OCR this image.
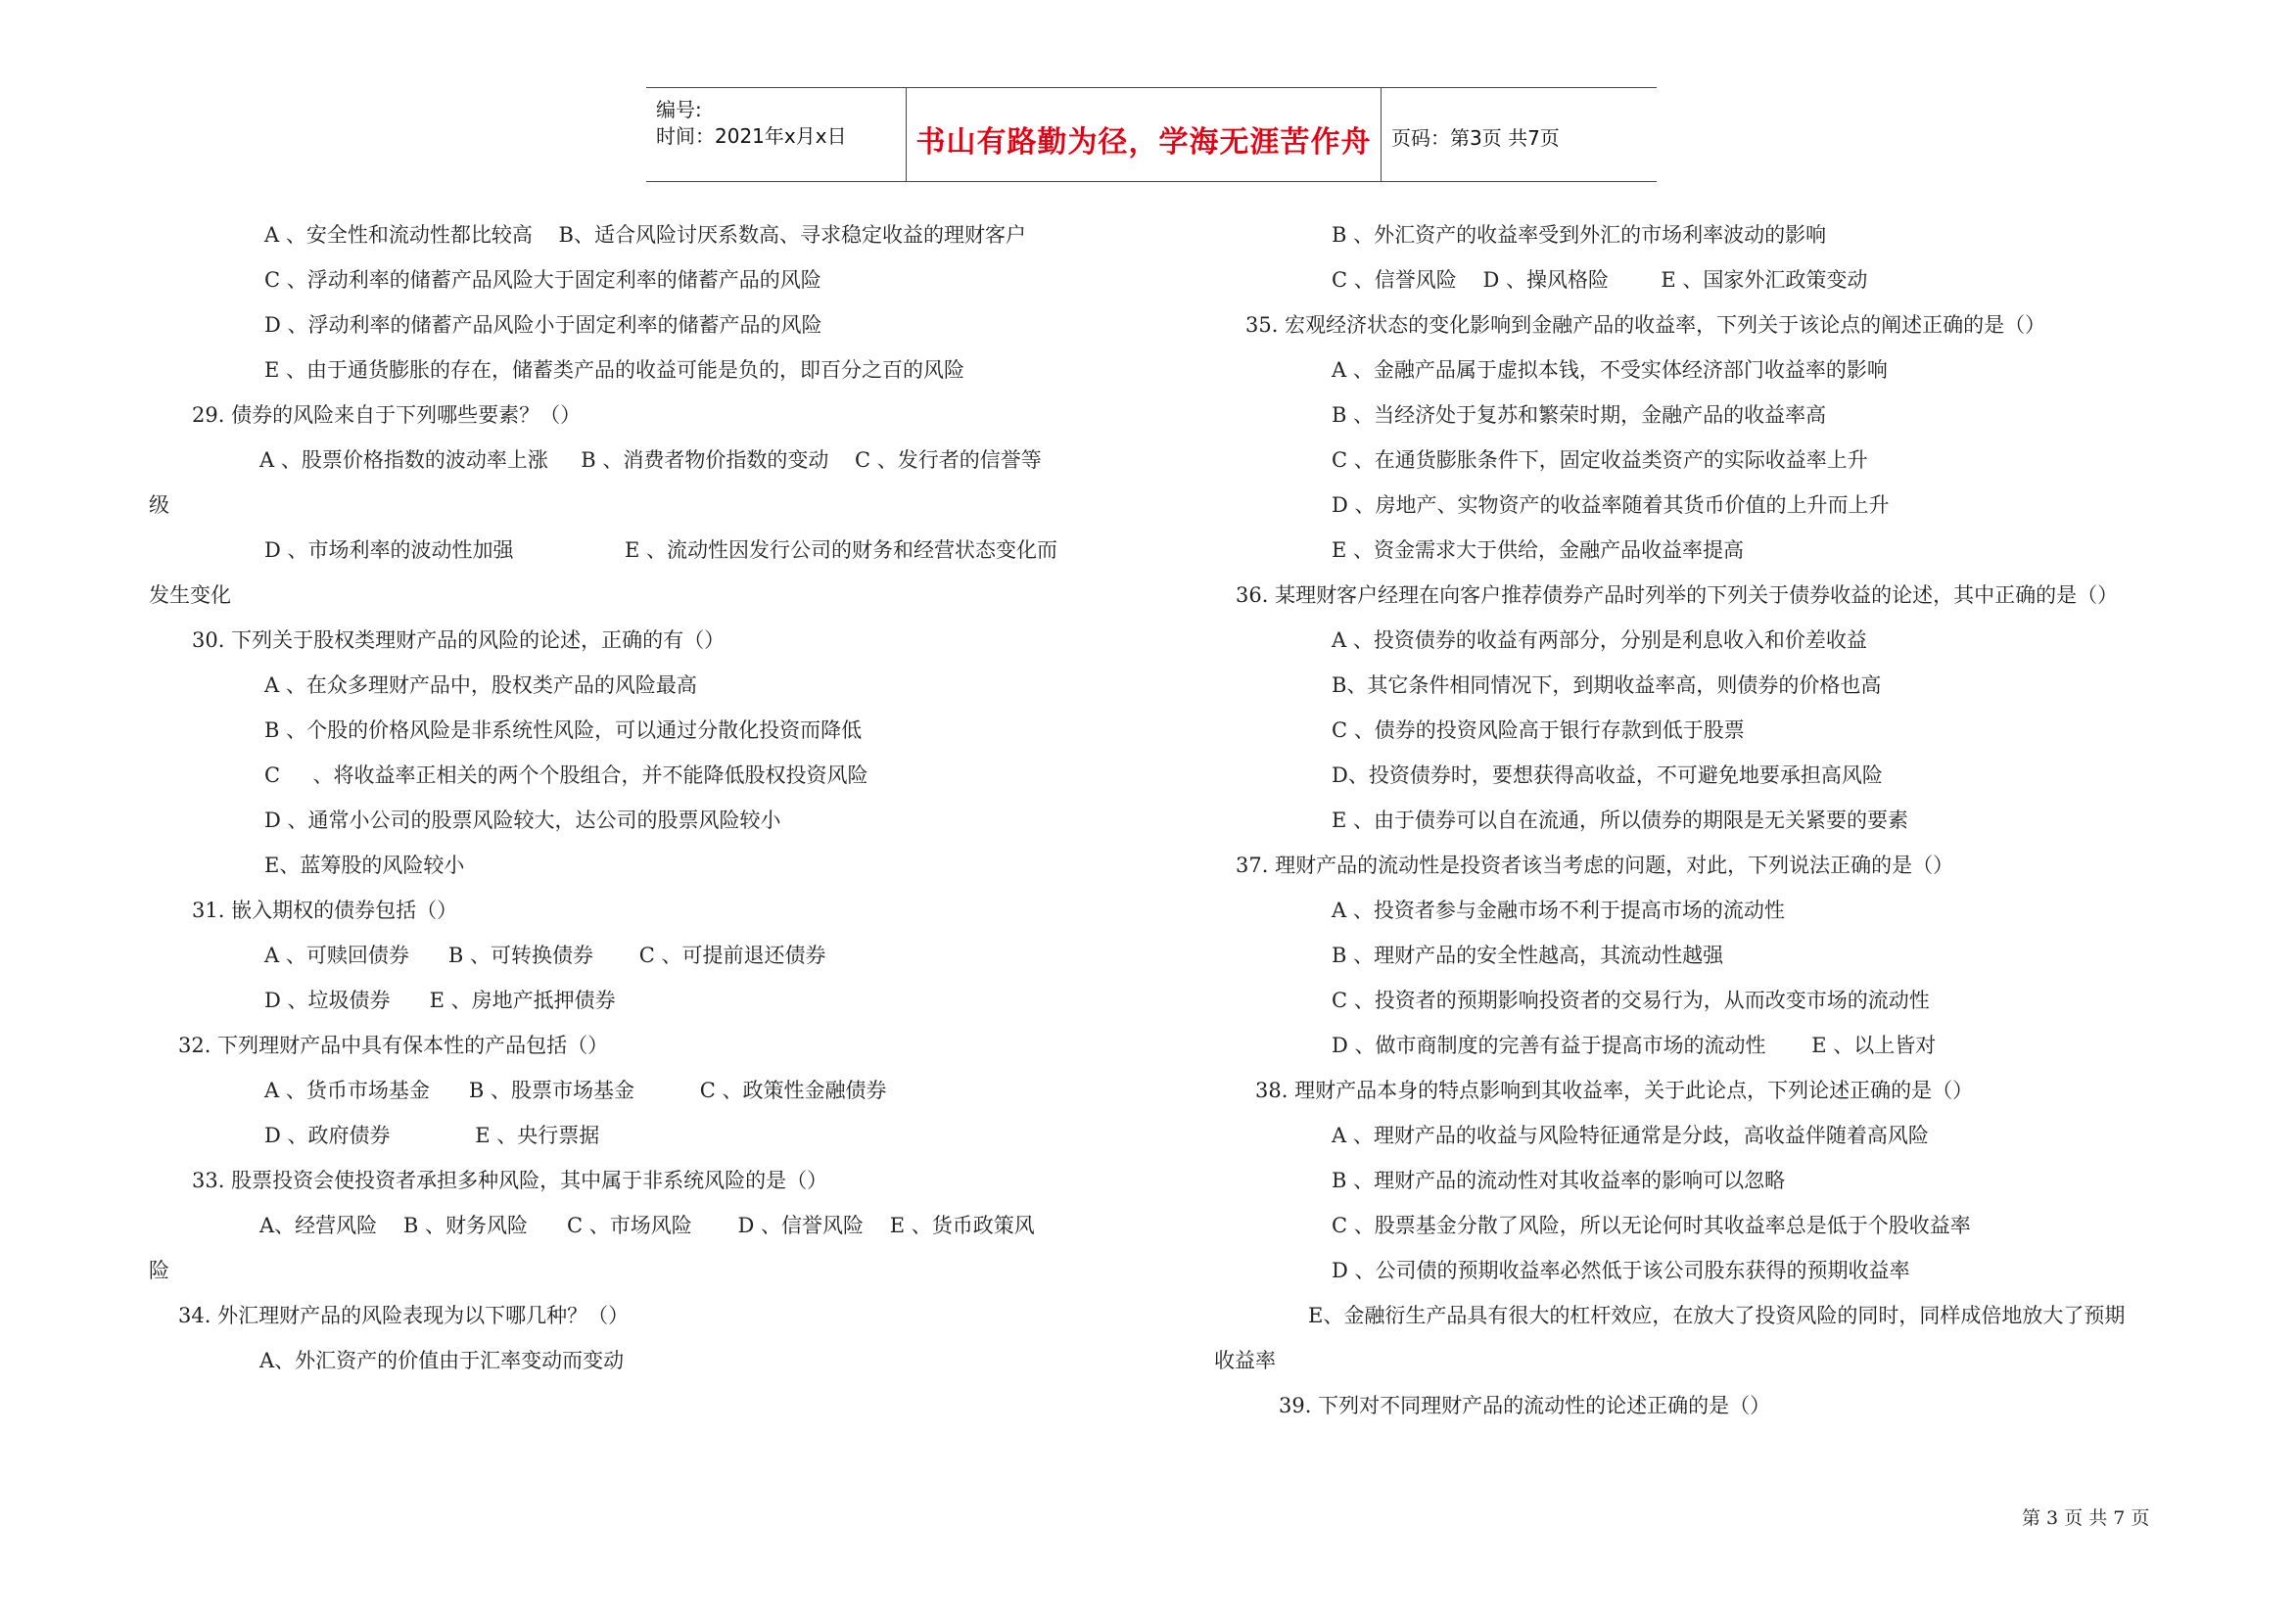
编号:
时间：2021年x月x日	书山有路勤为径，学海无涯苦作舟	页码：第3页 共7页
A 、安全性和流动性都比较高    B、适合风险讨厌系数高、寻求稳定收益的理财客户
C 、浮动利率的储蓄产品风险大于固定利率的储蓄产品的风险
D 、浮动利率的储蓄产品风险小于固定利率的储蓄产品的风险
E 、由于通货膨胀的存在，储蓄类产品的收益可能是负的，即百分之百的风险
29. 债券的风险来自于下列哪些要素？（）
A 、股票价格指数的波动率上涨     B 、消费者物价指数的变动    C 、发行者的信誉等
级
D 、市场利率的波动性加强                 E 、流动性因发行公司的财务和经营状态变化而
发生变化
30. 下列关于股权类理财产品的风险的论述，正确的有（）
A 、在众多理财产品中，股权类产品的风险最高
B 、个股的价格风险是非系统性风险，可以通过分散化投资而降低
C     、将收益率正相关的两个个股组合，并不能降低股权投资风险
D 、通常小公司的股票风险较大，达公司的股票风险较小
E、蓝筹股的风险较小
31. 嵌入期权的债券包括（）
A 、可赎回债券      B 、可转换债券       C 、可提前退还债券
D 、垃圾债券      E 、房地产抵押债券
32. 下列理财产品中具有保本性的产品包括（）
A 、货币市场基金      B 、股票市场基金          C 、政策性金融债券
D 、政府债券             E 、央行票据
33. 股票投资会使投资者承担多种风险，其中属于非系统风险的是（）
A、经营风险    B 、财务风险      C 、市场风险       D 、信誉风险    E 、货币政策风
险
34. 外汇理财产品的风险表现为以下哪几种？（）
A、外汇资产的价值由于汇率变动而变动
B 、外汇资产的收益率受到外汇的市场利率波动的影响
C 、信誉风险    D 、操风格险        E 、国家外汇政策变动
35. 宏观经济状态的变化影响到金融产品的收益率，下列关于该论点的阐述正确的是（）
A 、金融产品属于虚拟本钱，不受实体经济部门收益率的影响
B 、当经济处于复苏和繁荣时期，金融产品的收益率高
C 、在通货膨胀条件下，固定收益类资产的实际收益率上升
D 、房地产、实物资产的收益率随着其货币价值的上升而上升
E 、资金需求大于供给，金融产品收益率提高
36. 某理财客户经理在向客户推荐债券产品时列举的下列关于债券收益的论述，其中正确的是（）
A 、投资债券的收益有两部分，分别是利息收入和价差收益
B、其它条件相同情况下，到期收益率高，则债券的价格也高
C 、债券的投资风险高于银行存款到低于股票
D、投资债券时，要想获得高收益，不可避免地要承担高风险
E 、由于债券可以自在流通，所以债券的期限是无关紧要的要素
37. 理财产品的流动性是投资者该当考虑的问题，对此，下列说法正确的是（）
A 、投资者参与金融市场不利于提高市场的流动性
B 、理财产品的安全性越高，其流动性越强
C 、投资者的预期影响投资者的交易行为，从而改变市场的流动性
D 、做市商制度的完善有益于提高市场的流动性       E 、以上皆对
38. 理财产品本身的特点影响到其收益率，关于此论点，下列论述正确的是（）
A 、理财产品的收益与风险特征通常是分歧，高收益伴随着高风险
B 、理财产品的流动性对其收益率的影响可以忽略
C 、股票基金分散了风险，所以无论何时其收益率总是低于个股收益率
D 、公司债的预期收益率必然低于该公司股东获得的预期收益率
E、金融衍生产品具有很大的杠杆效应，在放大了投资风险的同时，同样成倍地放大了预期
收益率
39. 下列对不同理财产品的流动性的论述正确的是（）
第 3 页 共 7 页
